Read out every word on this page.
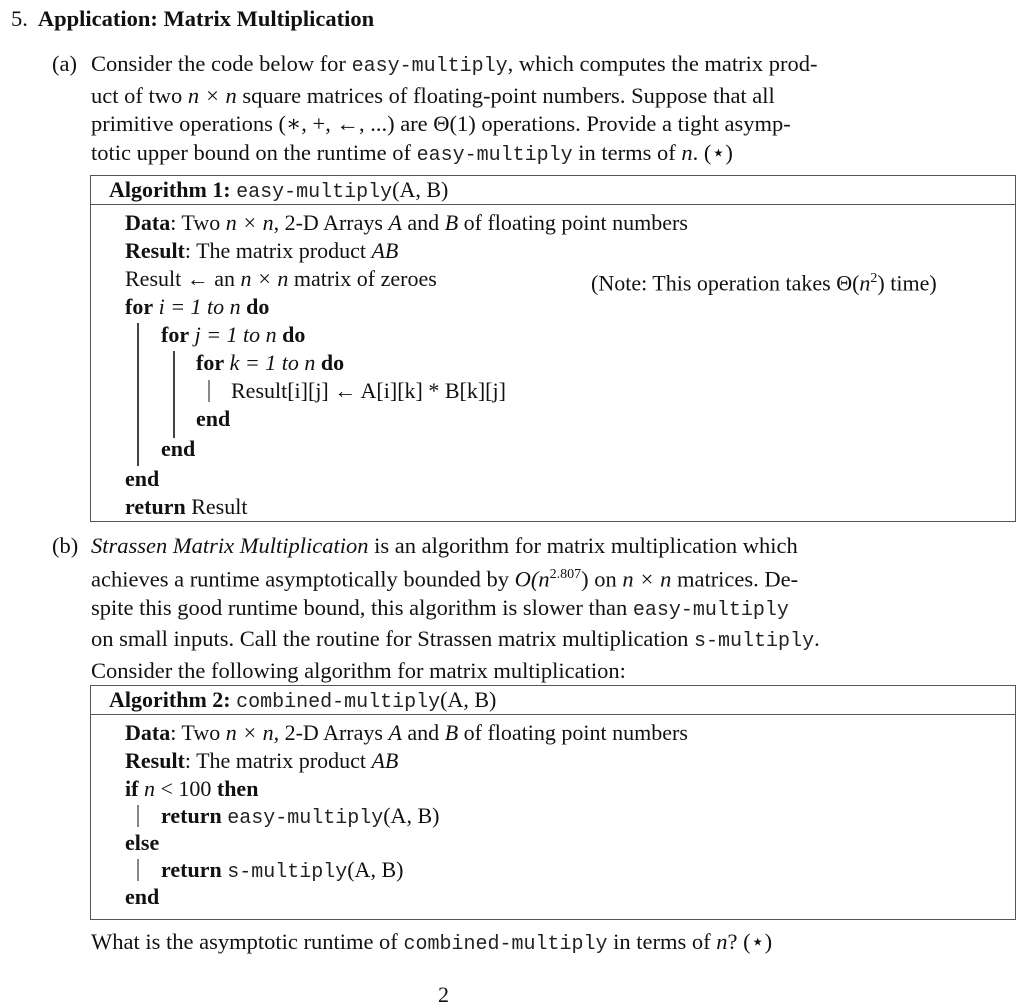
5. Application: Matrix Multiplication
(a) Consider the code below for easy-multiply, which computes the matrix prod-
uct of two n × n square matrices of floating-point numbers. Suppose that all
primitive operations (∗, +, ←, ...) are Θ(1) operations. Provide a tight asymp-
totic upper bound on the runtime of easy-multiply in terms of n. (⋆)
Algorithm 1: easy-multiply(A, B)
Data: Two n × n, 2-D Arrays A and B of floating point numbers
Result: The matrix product AB
Result ← an n × n matrix of zeroes	(Note: This operation takes $\Theta(n^2)$ time)
for i = 1 to n do
for j = 1 to n do
for k = 1 to n do
Result[i][j] ← A[i][k] * B[k][j]
end
end
end
return Result
(b) Strassen Matrix Multiplication is an algorithm for matrix multiplication which
achieves a runtime asymptotically bounded by $O(n^{2.807})$ on n × n matrices. De-
spite this good runtime bound, this algorithm is slower than easy-multiply
on small inputs. Call the routine for Strassen matrix multiplication s-multiply.
Consider the following algorithm for matrix multiplication:
Algorithm 2: combined-multiply(A, B)
Data: Two n × n, 2-D Arrays A and B of floating point numbers
Result: The matrix product AB
if n < 100 then
return easy-multiply(A, B)
else
return s-multiply(A, B)
end
What is the asymptotic runtime of combined-multiply in terms of n? (⋆)
2
